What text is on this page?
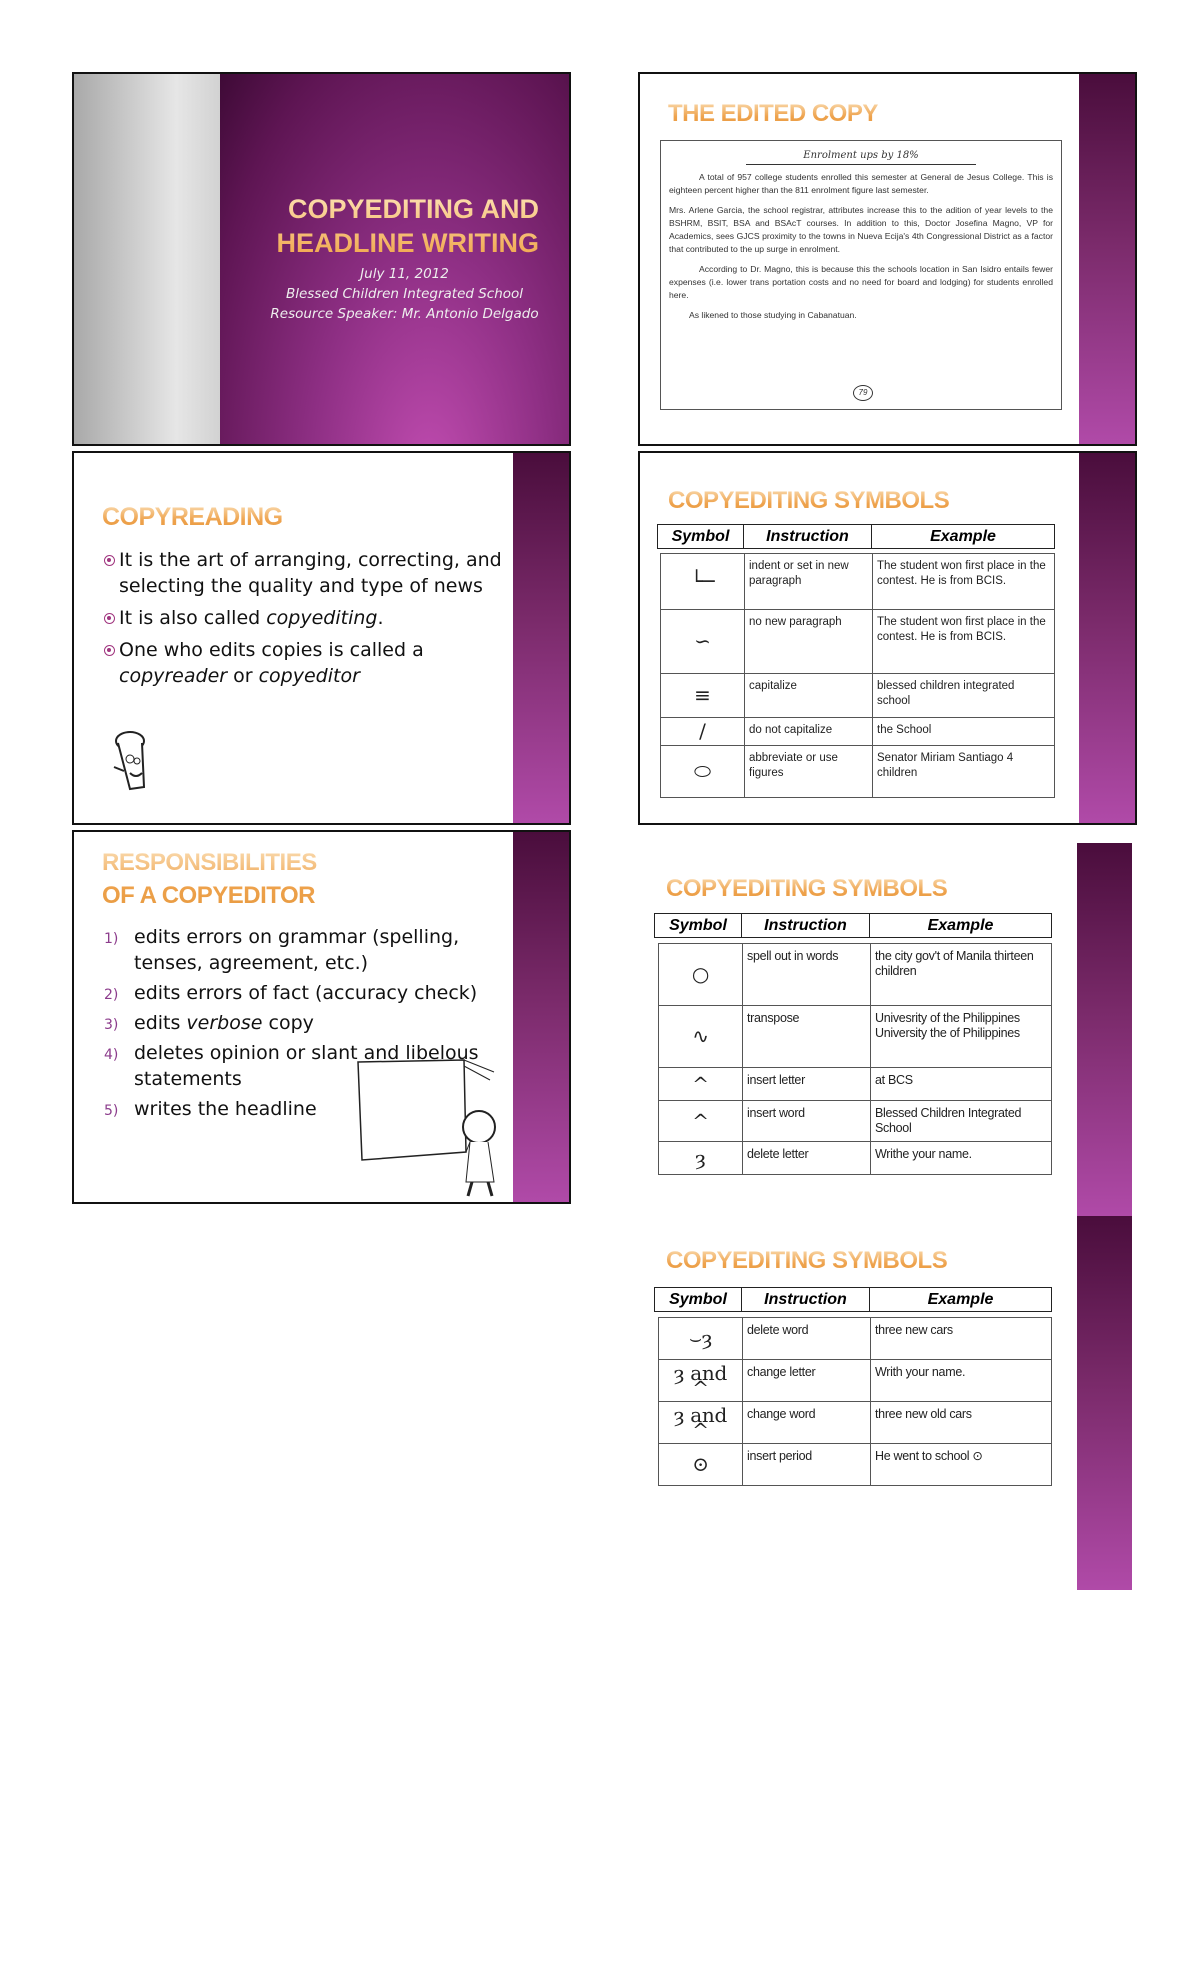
COPYEDITING AND
HEADLINE WRITING
July 11, 2012
Blessed Children Integrated School
Resource Speaker: Mr. Antonio Delgado
THE EDITED COPY
Enrolment ups by 18%

A total of 957 college students enrolled this semester at General de Jesus College. This is eighteen percent higher than the 811 enrolment figure last semester.

Mrs. Arlene Garcia, the school registrar, attributes increase this to the adition of year levels to the BSHRM, BSIT, BSA and BSAcT courses. In addition to this, Doctor Josefina Magno, VP for Academics, sees GJCS proximity to the towns in Nueva Ecija's 4th Congressional District as a factor that contributed to the up surge in enrolment.

According to Dr. Magno, this is because this the schools location in San Isidro entails fewer expenses (i.e. lower trans portation costs and no need for board and lodging) for students enrolled here.

As likened to those studying in Cabanatuan.

79
COPYREADING
It is the art of arranging, correcting, and selecting the quality and type of news
It is also called copyediting.
One who edits copies is called a copyreader or copyeditor
COPYEDITING SYMBOLS
Symbol	Instruction	Example
└─	indent or set in new paragraph	The student won first place in the contest. He is from BCIS.
∽	no new paragraph	The student won first place in the contest. He is from BCIS.
≡	capitalize	blessed children integrated school
/	do not capitalize	the School
⬭	abbreviate or use figures	Senator Miriam Santiago 4 children
RESPONSIBILITIES
OF A COPYEDITOR
1) edits errors on grammar (spelling, tenses, agreement, etc.)
2) edits errors of fact (accuracy check)
3) edits verbose copy
4) deletes opinion or slant and libelous statements
5) writes the headline
COPYEDITING SYMBOLS
Symbol	Instruction	Example
○	spell out in words	the city gov't of Manila thirteen children
∿	transpose	Univesrity of the Philippines University the of Philippines
^	insert letter	at BCS
^	insert word	Blessed Children Integrated School
ȝ	delete letter	Writhe your name.
COPYEDITING SYMBOLS
Symbol	Instruction	Example
⌣ȝ	delete word	three new cars
ȝ and ^	change letter	Writh your name.
ȝ and ^	change word	three new old cars
⊙	insert period	He went to school ⊙
